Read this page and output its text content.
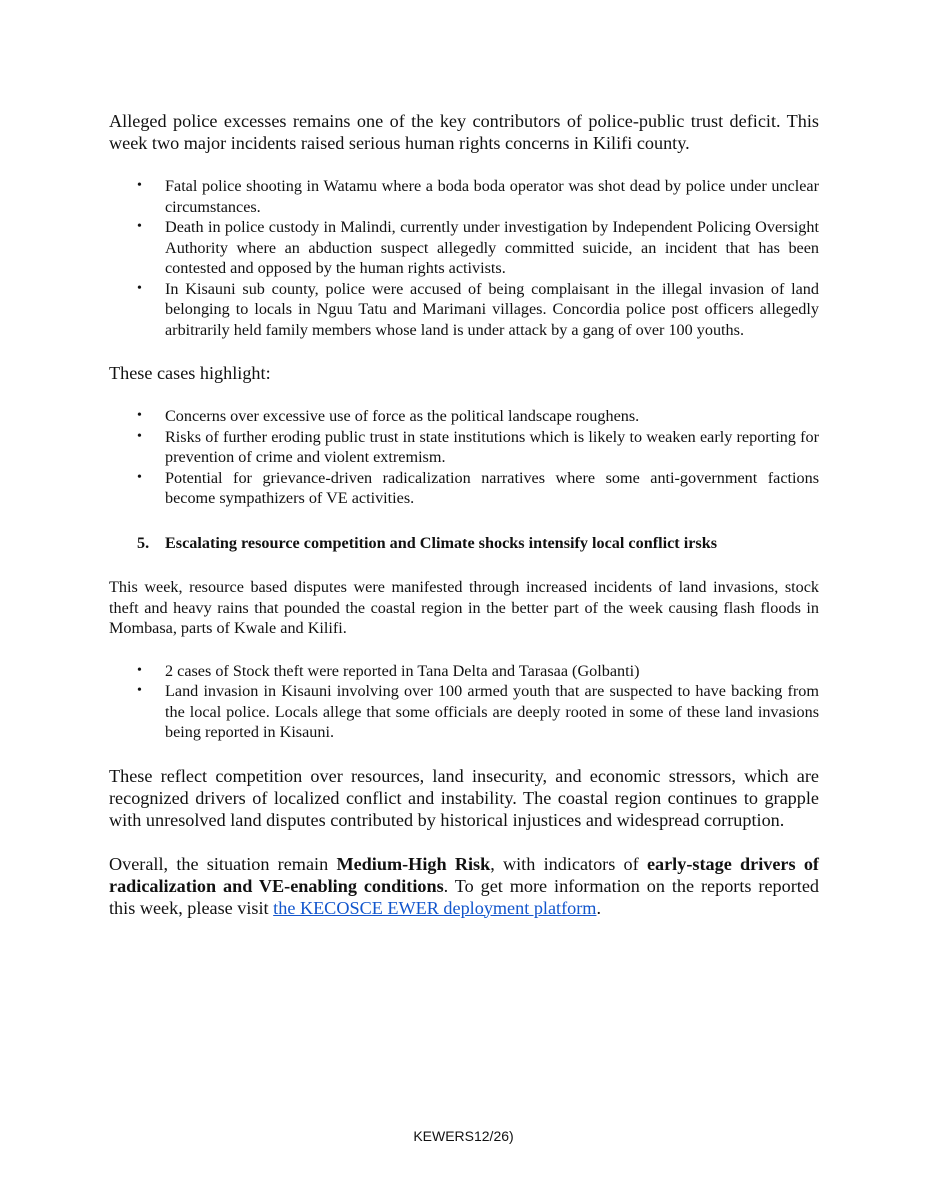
Alleged police excesses remains one of the key contributors of police-public trust deficit. This week two major incidents raised serious human rights concerns in Kilifi county.

• Fatal police shooting in Watamu where a boda boda operator was shot dead by police under unclear circumstances.
• Death in police custody in Malindi, currently under investigation by Independent Policing Oversight Authority where an abduction suspect allegedly committed suicide, an incident that has been contested and opposed by the human rights activists.
• In Kisauni sub county, police were accused of being complaisant in the illegal invasion of land belonging to locals in Nguu Tatu and Marimani villages. Concordia police post officers allegedly arbitrarily held family members whose land is under attack by a gang of over 100 youths.

These cases highlight:

• Concerns over excessive use of force as the political landscape roughens.
• Risks of further eroding public trust in state institutions which is likely to weaken early reporting for prevention of crime and violent extremism.
• Potential for grievance-driven radicalization narratives where some anti-government factions become sympathizers of VE activities.
5. Escalating resource competition and Climate shocks intensify local conflict irsks

This week, resource based disputes were manifested through increased incidents of land invasions, stock theft and heavy rains that pounded the coastal region in the better part of the week causing flash floods in Mombasa, parts of Kwale and Kilifi.

• 2 cases of Stock theft were reported in Tana Delta and Tarasaa (Golbanti)
• Land invasion in Kisauni involving over 100 armed youth that are suspected to have backing from the local police. Locals allege that some officials are deeply rooted in some of these land invasions being reported in Kisauni.

These reflect competition over resources, land insecurity, and economic stressors, which are recognized drivers of localized conflict and instability. The coastal region continues to grapple with unresolved land disputes contributed by historical injustices and widespread corruption.

Overall, the situation remain Medium-High Risk, with indicators of early-stage drivers of radicalization and VE-enabling conditions. To get more information on the reports reported this week, please visit the KECOSCE EWER deployment platform.

KEWERS12/26)
